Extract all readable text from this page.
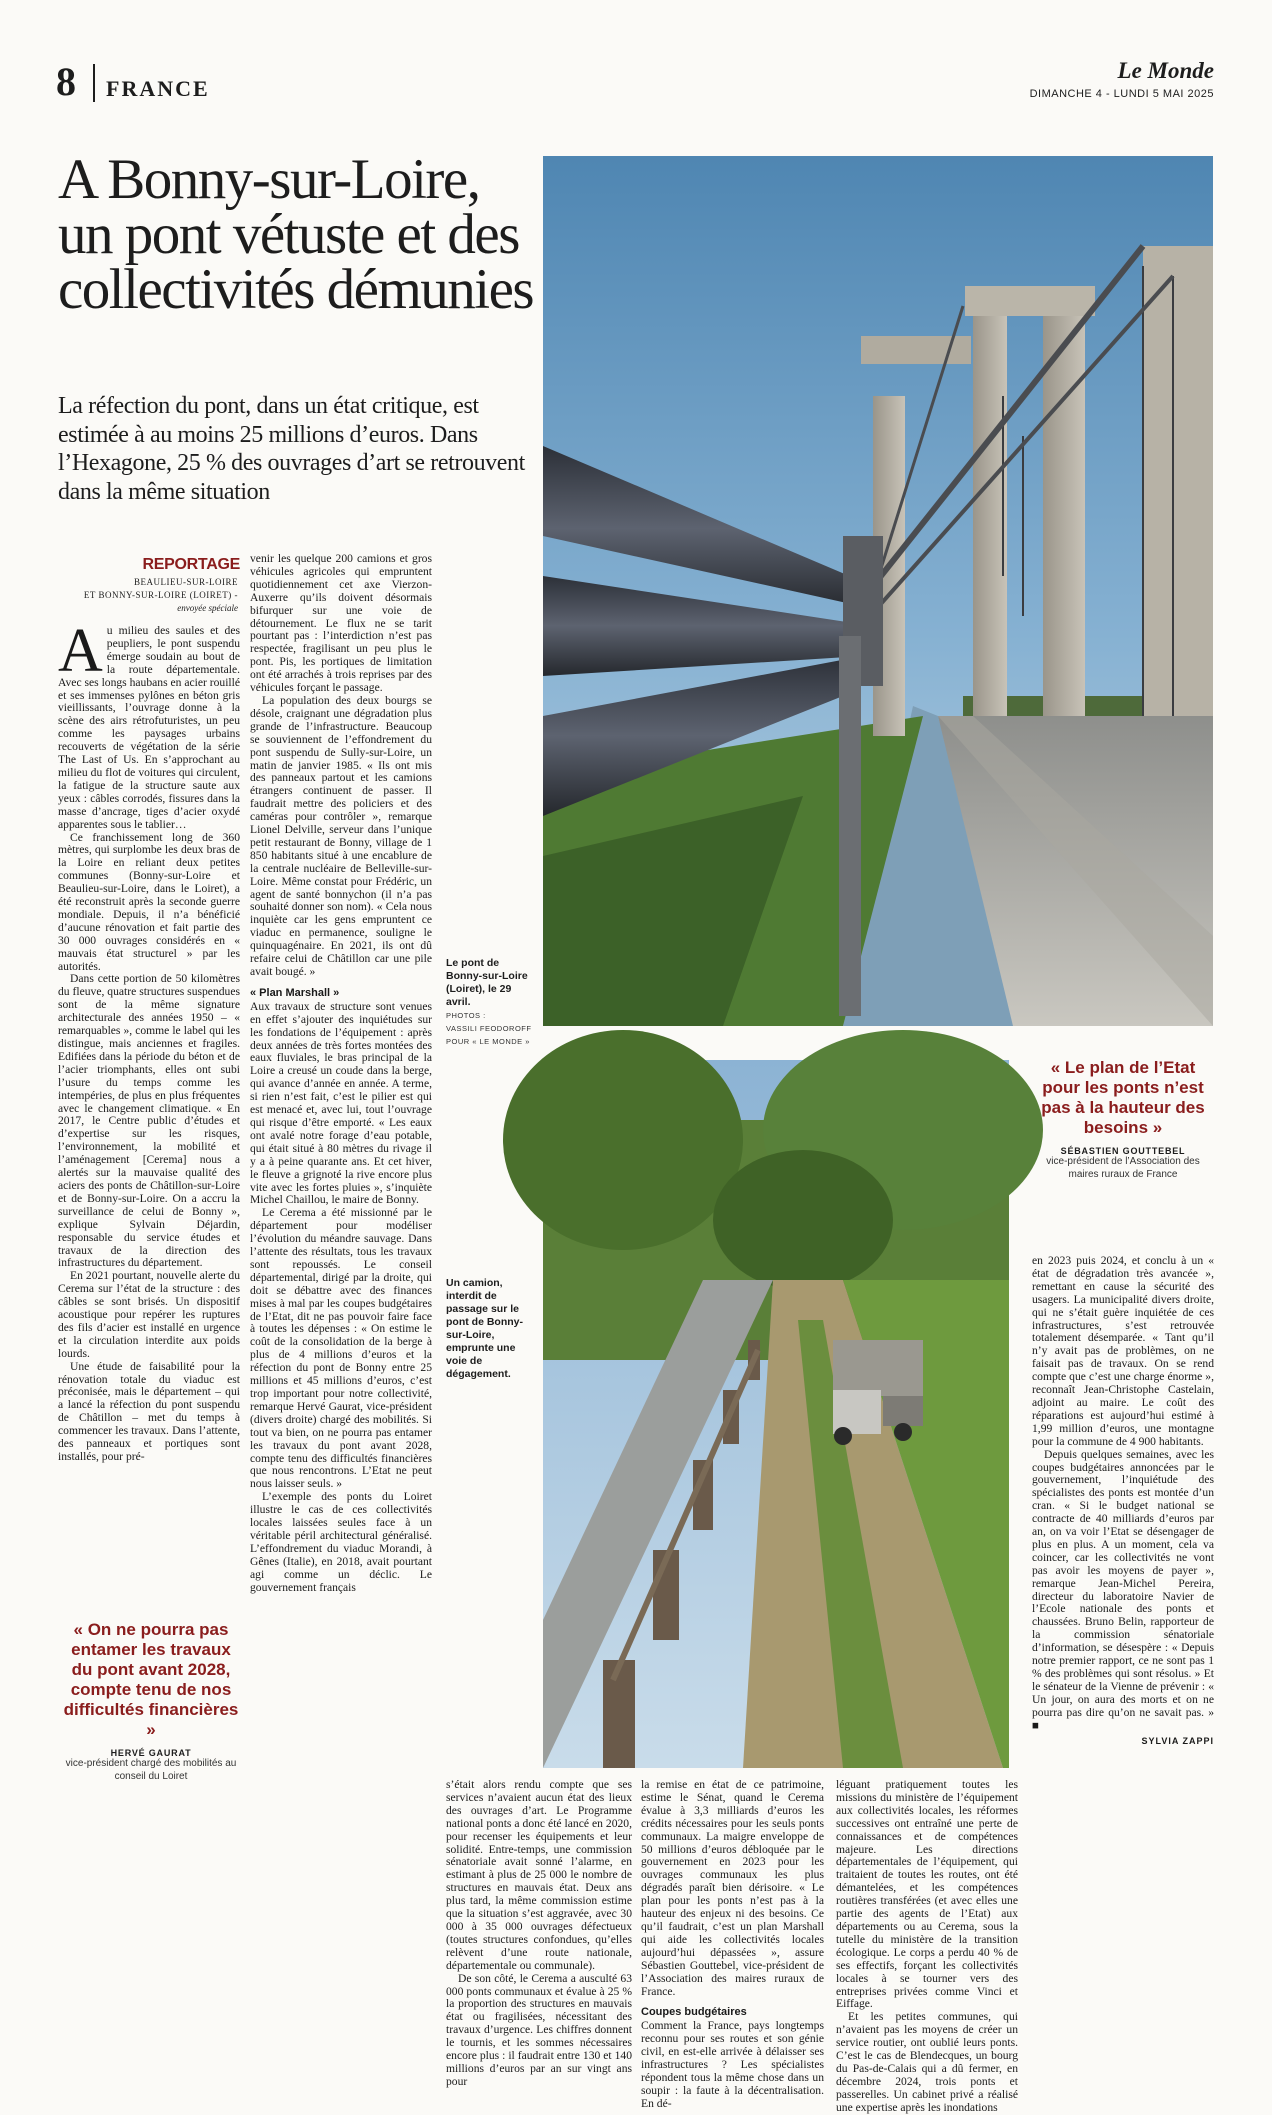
8 FRANCE
Le Monde
DIMANCHE 4 - LUNDI 5 MAI 2025
A Bonny-sur-Loire, un pont vétuste et des collectivités démunies
La réfection du pont, dans un état critique, est estimée à au moins 25 millions d’euros. Dans l’Hexagone, 25 % des ouvrages d’art se retrouvent dans la même situation
Le pont de Bonny-sur-Loire (Loiret), le 29 avril.
PHOTOS :
VASSILI FEODOROFF POUR « LE MONDE »
Un camion, interdit de passage sur le pont de Bonny-sur-Loire, emprunte une voie de dégagement.
REPORTAGE
BEAULIEU-SUR-LOIRE
ET BONNY-SUR-LOIRE (LOIRET) -
envoyée spéciale

Au milieu des saules et des peupliers, le pont suspendu émerge soudain au bout de la route départementale. Avec ses longs haubans en acier rouillé et ses immenses pylônes en béton gris vieillissants, l’ouvrage donne à la scène des airs rétrofuturistes, un peu comme les paysages urbains recouverts de végétation de la série The Last of Us. En s’approchant au milieu du flot de voitures qui circulent, la fatigue de la structure saute aux yeux : câbles corrodés, fissures dans la masse d’ancrage, tiges d’acier oxydé apparentes sous le tablier…

Ce franchissement long de 360 mètres, qui surplombe les deux bras de la Loire en reliant deux petites communes (Bonny-sur-Loire et Beaulieu-sur-Loire, dans le Loiret), a été reconstruit après la seconde guerre mondiale. Depuis, il n’a bénéficié d’aucune rénovation et fait partie des 30 000 ouvrages considérés en « mauvais état structurel » par les autorités.

Dans cette portion de 50 kilomètres du fleuve, quatre structures suspendues sont de la même signature architecturale des années 1950 – « remarquables », comme le label qui les distingue, mais anciennes et fragiles. Edifiées dans la période du béton et de l’acier triomphants, elles ont subi l’usure du temps comme les intempéries, de plus en plus fréquentes avec le changement climatique. « En 2017, le Centre public d’études et d’expertise sur les risques, l’environnement, la mobilité et l’aménagement [Cerema] nous a alertés sur la mauvaise qualité des aciers des ponts de Châtillon-sur-Loire et de Bonny-sur-Loire. On a accru la surveillance de celui de Bonny », explique Sylvain Déjardin, responsable du service études et travaux de la direction des infrastructures du département.

En 2021 pourtant, nouvelle alerte du Cerema sur l’état de la structure : des câbles se sont brisés. Un dispositif acoustique pour repérer les ruptures des fils d’acier est installé en urgence et la circulation interdite aux poids lourds.

Une étude de faisabilité pour la rénovation totale du viaduc est préconisée, mais le département – qui a lancé la réfection du pont suspendu de Châtillon – met du temps à commencer les travaux. Dans l’attente, des panneaux et portiques sont installés, pour pré-

« On ne pourra pas entamer les travaux du pont avant 2028, compte tenu de nos difficultés financières »
HERVÉ GAURAT
vice-président chargé des mobilités au conseil du Loiret

venir les quelque 200 camions et gros véhicules agricoles qui empruntent quotidiennement cet axe Vierzon-Auxerre qu’ils doivent désormais bifurquer sur une voie de détournement. Le flux ne se tarit pourtant pas : l’interdiction n’est pas respectée, fragilisant un peu plus le pont. Pis, les portiques de limitation ont été arrachés à trois reprises par des véhicules forçant le passage.

La population des deux bourgs se désole, craignant une dégradation plus grande de l’infrastructure. Beaucoup se souviennent de l’effondrement du pont suspendu de Sully-sur-Loire, un matin de janvier 1985. « Ils ont mis des panneaux partout et les camions étrangers continuent de passer. Il faudrait mettre des policiers et des caméras pour contrôler », remarque Lionel Delville, serveur dans l’unique petit restaurant de Bonny, village de 1 850 habitants situé à une encablure de la centrale nucléaire de Belleville-sur-Loire. Même constat pour Frédéric, un agent de santé bonnychon (il n’a pas souhaité donner son nom). « Cela nous inquiète car les gens empruntent ce viaduc en permanence, souligne le quinquagénaire. En 2021, ils ont dû refaire celui de Châtillon car une pile avait bougé. »

« Plan Marshall »

Aux travaux de structure sont venues en effet s’ajouter des inquiétudes sur les fondations de l’équipement : après deux années de très fortes montées des eaux fluviales, le bras principal de la Loire a creusé un coude dans la berge, qui avance d’année en année. A terme, si rien n’est fait, c’est le pilier est qui est menacé et, avec lui, tout l’ouvrage qui risque d’être emporté. « Les eaux ont avalé notre forage d’eau potable, qui était situé à 80 mètres du rivage il y a à peine quarante ans. Et cet hiver, le fleuve a grignoté la rive encore plus vite avec les fortes pluies », s’inquiète Michel Chaillou, le maire de Bonny.

Le Cerema a été missionné par le département pour modéliser l’évolution du méandre sauvage. Dans l’attente des résultats, tous les travaux sont repoussés. Le conseil départemental, dirigé par la droite, qui doit se débattre avec des finances mises à mal par les coupes budgétaires de l’Etat, dit ne pas pouvoir faire face à toutes les dépenses : « On estime le coût de la consolidation de la berge à plus de 4 millions d’euros et la réfection du pont de Bonny entre 25 millions et 45 millions d’euros, c’est trop important pour notre collectivité, remarque Hervé Gaurat, vice-président (divers droite) chargé des mobilités. Si tout va bien, on ne pourra pas entamer les travaux du pont avant 2028, compte tenu des difficultés financières que nous rencontrons. L’Etat ne peut nous laisser seuls. »

L’exemple des ponts du Loiret illustre le cas de ces collectivités locales laissées seules face à un véritable péril architectural généralisé. L’effondrement du viaduc Morandi, à Gênes (Italie), en 2018, avait pourtant agi comme un déclic. Le gouvernement français

s’était alors rendu compte que ses services n’avaient aucun état des lieux des ouvrages d’art. Le Programme national ponts a donc été lancé en 2020, pour recenser les équipements et leur solidité. Entre-temps, une commission sénatoriale avait sonné l’alarme, en estimant à plus de 25 000 le nombre de structures en mauvais état. Deux ans plus tard, la même commission estime que la situation s’est aggravée, avec 30 000 à 35 000 ouvrages défectueux (toutes structures confondues, qu’elles relèvent d’une route nationale, départementale ou communale).

De son côté, le Cerema a ausculté 63 000 ponts communaux et évalue à 25 % la proportion des structures en mauvais état ou fragilisées, nécessitant des travaux d’urgence. Les chiffres donnent le tournis, et les sommes nécessaires encore plus : il faudrait entre 130 et 140 millions d’euros par an sur vingt ans pour

la remise en état de ce patrimoine, estime le Sénat, quand le Cerema évalue à 3,3 milliards d’euros les crédits nécessaires pour les seuls ponts communaux. La maigre enveloppe de 50 millions d’euros débloquée par le gouvernement en 2023 pour les ouvrages communaux les plus dégradés paraît bien dérisoire. « Le plan pour les ponts n’est pas à la hauteur des enjeux ni des besoins. Ce qu’il faudrait, c’est un plan Marshall qui aide les collectivités locales aujourd’hui dépassées », assure Sébastien Gouttebel, vice-président de l’Association des maires ruraux de France.

Coupes budgétaires

Comment la France, pays longtemps reconnu pour ses routes et son génie civil, en est-elle arrivée à délaisser ses infrastructures ? Les spécialistes répondent tous la même chose dans un soupir : la faute à la décentralisation. En dé-

léguant pratiquement toutes les missions du ministère de l’équipement aux collectivités locales, les réformes successives ont entraîné une perte de connaissances et de compétences majeure. Les directions départementales de l’équipement, qui traitaient de toutes les routes, ont été démantelées, et les compétences routières transférées (et avec elles une partie des agents de l’Etat) aux départements ou au Cerema, sous la tutelle du ministère de la transition écologique. Le corps a perdu 40 % de ses effectifs, forçant les collectivités locales à se tourner vers des entreprises privées comme Vinci et Eiffage.

Et les petites communes, qui n’avaient pas les moyens de créer un service routier, ont oublié leurs ponts. C’est le cas de Blendecques, un bourg du Pas-de-Calais qui a dû fermer, en décembre 2024, trois ponts et passerelles. Un cabinet privé a réalisé une expertise après les inondations

« Le plan de l’Etat pour les ponts n’est pas à la hauteur des besoins »
SÉBASTIEN GOUTTEBEL
vice-président de l’Association des maires ruraux de France

en 2023 puis 2024, et conclu à un « état de dégradation très avancée », remettant en cause la sécurité des usagers. La municipalité divers droite, qui ne s’était guère inquiétée de ces infrastructures, s’est retrouvée totalement désemparée. « Tant qu’il n’y avait pas de problèmes, on ne faisait pas de travaux. On se rend compte que c’est une charge énorme », reconnaît Jean-Christophe Castelain, adjoint au maire. Le coût des réparations est aujourd’hui estimé à 1,99 million d’euros, une montagne pour la commune de 4 900 habitants.

Depuis quelques semaines, avec les coupes budgétaires annoncées par le gouvernement, l’inquiétude des spécialistes des ponts est montée d’un cran. « Si le budget national se contracte de 40 milliards d’euros par an, on va voir l’Etat se désengager de plus en plus. A un moment, cela va coincer, car les collectivités ne vont pas avoir les moyens de payer », remarque Jean-Michel Pereira, directeur du laboratoire Navier de l’Ecole nationale des ponts et chaussées. Bruno Belin, rapporteur de la commission sénatoriale d’information, se désespère : « Depuis notre premier rapport, ce ne sont pas 1 % des problèmes qui sont résolus. » Et le sénateur de la Vienne de prévenir : « Un jour, on aura des morts et on ne pourra pas dire qu’on ne savait pas. » ■

SYLVIA ZAPPI
